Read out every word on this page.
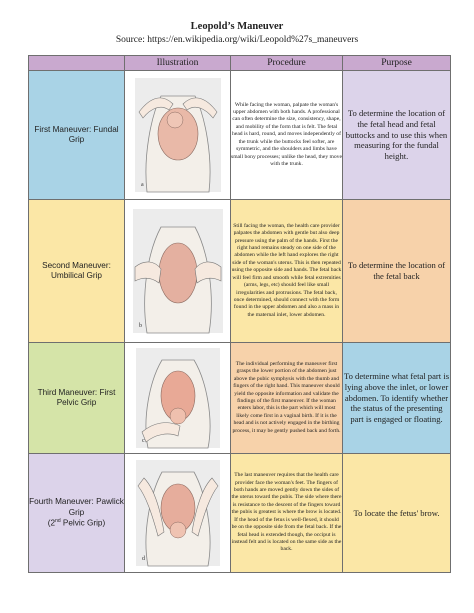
Leopold’s Maneuver
Source: https://en.wikipedia.org/wiki/Leopold%27s_maneuvers
	Illustration	Procedure	Purpose
First Maneuver: Fundal Grip	a	While facing the woman, palpate the woman's upper abdomen with both hands. A professional can often determine the size, consistency, shape, and mobility of the form that is felt. The fetal head is hard, round, and moves independently of the trunk while the buttocks feel softer, are symmetric, and the shoulders and limbs have small bony processes; unlike the head, they move with the trunk.	To determine the location of the fetal head and fetal buttocks and to use this when measuring for the fundal height.
Second Maneuver: Umbilical Grip	b	Still facing the woman, the health care provider palpates the abdomen with gentle but also deep pressure using the palm of the hands. First the right hand remains steady on one side of the abdomen while the left hand explores the right side of the woman's uterus. This is then repeated using the opposite side and hands. The fetal back will feel firm and smooth while fetal extremities (arms, legs, etc) should feel like small irregularities and protrusions. The fetal back, once determined, should connect with the form found in the upper abdomen and also a mass in the maternal inlet, lower abdomen.	To determine the location of the fetal back
Third Maneuver: First Pelvic Grip	c	The individual performing the maneuver first grasps the lower portion of the abdomen just above the pubic symphysis with the thumb and fingers of the right hand. This maneuver should yield the opposite information and validate the findings of the first maneuver. If the woman enters labor, this is the part which will most likely come first in a vaginal birth. If it is the head and is not actively engaged in the birthing process, it may be gently pushed back and forth.	To determine what fetal part is lying above the inlet, or lower abdomen. To identify whether the status of the presenting part is engaged or floating.
Fourth Maneuver: Pawlick Grip
(2nd Pelvic Grip)	d	The last maneuver requires that the health care provider face the woman's feet. The fingers of both hands are moved gently down the sides of the uterus toward the pubis. The side where there is resistance to the descent of the fingers toward the pubis is greatest is where the brow is located. If the head of the fetus is well-flexed, it should be on the opposite side from the fetal back. If the fetal head is extended though, the occiput is instead felt and is located on the same side as the back.	To locate the fetus' brow.
